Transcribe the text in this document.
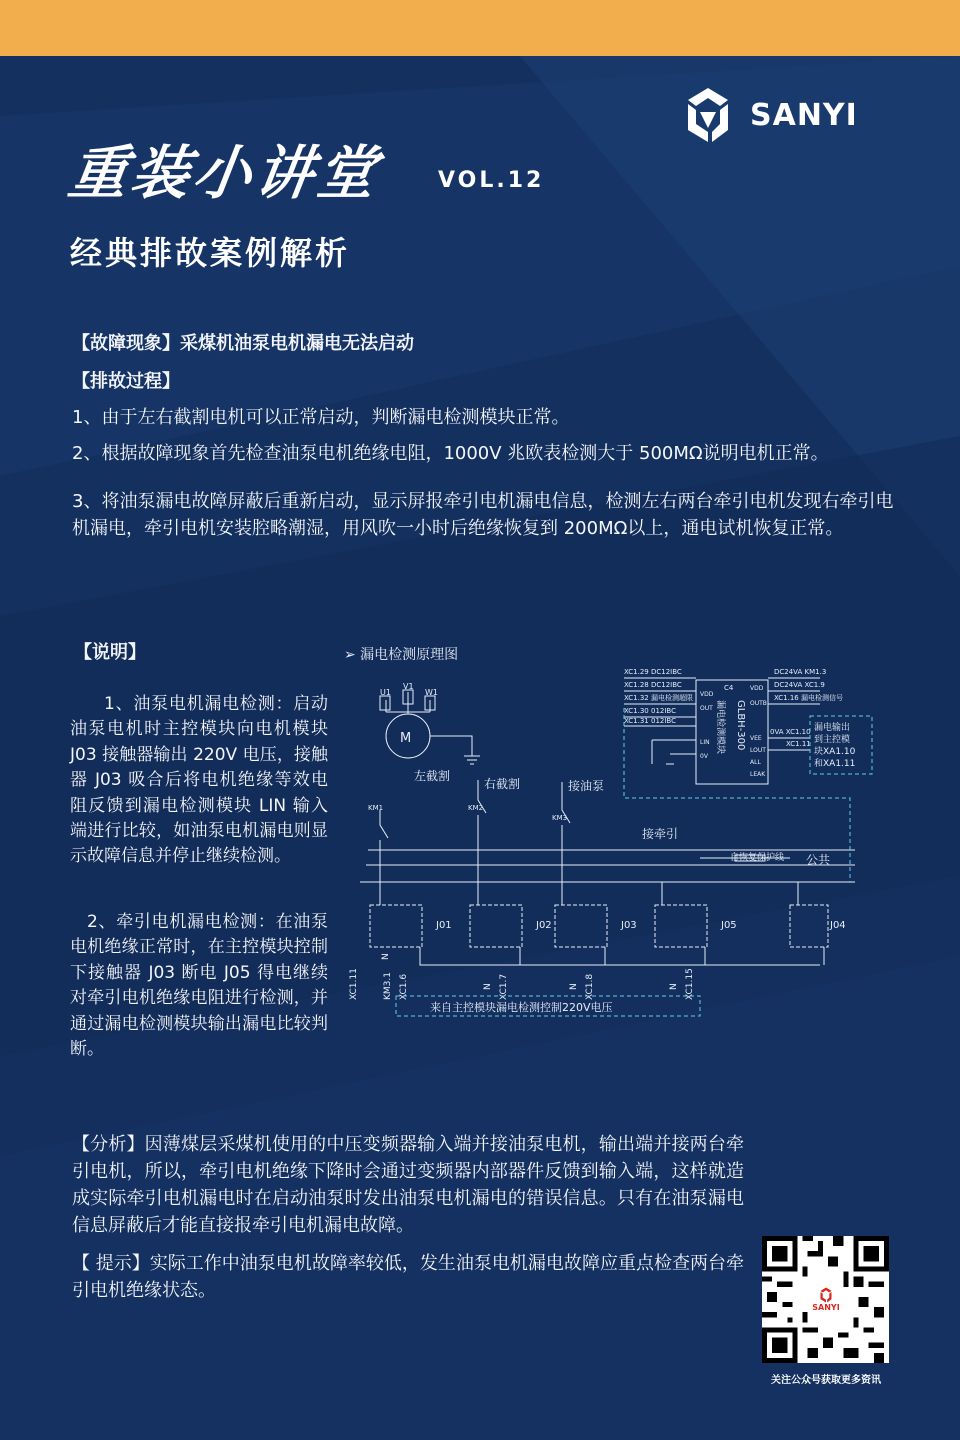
SANYI
重装小讲堂 VOL.12
经典排故案例解析
【故障现象】采煤机油泵电机漏电无法启动
【排故过程】
1、由于左右截割电机可以正常启动，判断漏电检测模块正常。
2、根据故障现象首先检查油泵电机绝缘电阻，1000V 兆欧表检测大于 500MΩ说明电机正常。
3、将油泵漏电故障屏蔽后重新启动，显示屏报牵引电机漏电信息，检测左右两台牵引电机发现右牵引电机漏电，牵引电机安装腔略潮湿，用风吹一小时后绝缘恢复到 200MΩ以上，通电试机恢复正常。
【说明】
1、油泵电机漏电检测：启动油泵电机时主控模块向电机模块 J03 接触器输出 220V 电压，接触器 J03 吸合后将电机绝缘等效电阻反馈到漏电检测模块 LIN 输入端进行比较，如油泵电机漏电则显示故障信息并停止继续检测。
2、牵引电机漏电检测：在油泵电机绝缘正常时，在主控模块控制下接触器 J03 断电 J05 得电继续对牵引电机绝缘电阻进行检测，并通过漏电检测模块输出漏电比较判断。
➢ 漏电检测原理图
M
U1
V1
W1
左截割
KM1	KM2
右截割
KM3
接油泵
接牵引
公共
自恢复保护线
J01	J02	J03	J05	J04
XC1.11
N
KM3.1 XC1.6	N XC1.7	N XC1.8	N XC1.15
来自主控模块漏电检测控制220V电压
C4
漏电检测模块 GLBH-300
VDD
OUT
LIN
0V
VDD
OUTB
VEE
LOUT
ALL
LEAK
XC1.29 DC12IBC
XC1.28 DC12IBC
XC1.32 漏电检测超限
XC1.30 012IBC
XC1.31 012IBC
DC24VA KM1.3
DC24VA XC1.9
XC1.16 漏电检测信号
0VA XC1.10
XC1.11
漏电输出
到主控模
块XA1.10
和XA1.11
【分析】因薄煤层采煤机使用的中压变频器输入端并接油泵电机，输出端并接两台牵引电机，所以，牵引电机绝缘下降时会通过变频器内部器件反馈到输入端，这样就造成实际牵引电机漏电时在启动油泵时发出油泵电机漏电的错误信息。只有在油泵漏电信息屏蔽后才能直接报牵引电机漏电故障。
【 提示】实际工作中油泵电机故障率较低，发生油泵电机漏电故障应重点检查两台牵引电机绝缘状态。
SANYI
关注公众号获取更多资讯
